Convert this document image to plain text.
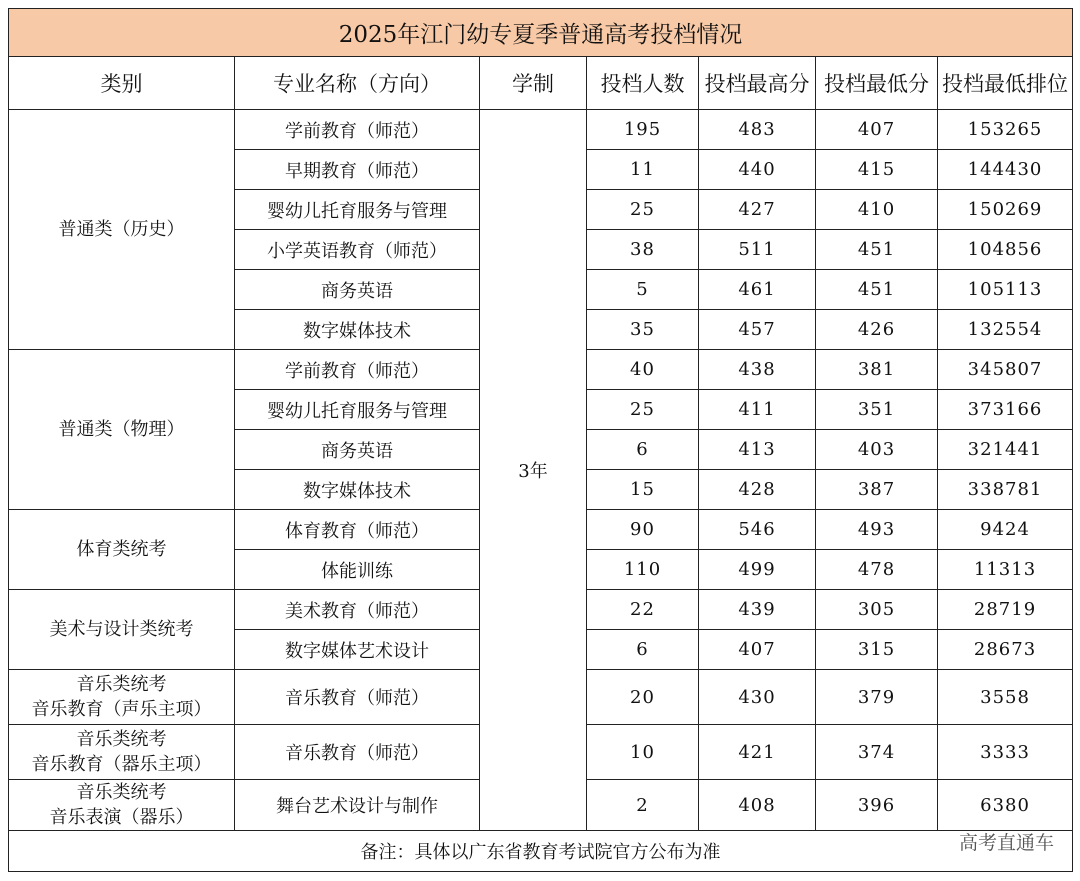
2025年江门幼专夏季普通高考投档情况						
类别	专业名称（方向）	学制	投档人数	投档最高分	投档最低分	投档最低排位

普通类（历史）	学前教育（师范）	3年	195	483	407	153265
	早期教育（师范）		11	440	415	144430
	婴幼儿托育服务与管理		25	427	410	150269
	小学英语教育（师范）		38	511	451	104856
	商务英语		5	461	451	105113
	数字媒体技术		35	457	426	132554

普通类（物理）	学前教育（师范）		40	438	381	345807
	婴幼儿托育服务与管理		25	411	351	373166
	商务英语		6	413	403	321441
	数字媒体技术		15	428	387	338781

体育类统考	体育教育（师范）		90	546	493	9424
	体能训练		110	499	478	11313

美术与设计类统考	美术教育（师范）		22	439	305	28719
	数字媒体艺术设计		6	407	315	28673

音乐类统考
音乐教育（声乐主项）	音乐教育（师范）		20	430	379	3558

音乐类统考
音乐教育（器乐主项）	音乐教育（师范）		10	421	374	3333

音乐类统考
音乐表演（器乐）	舞台艺术设计与制作		2	408	396	6380
备注：具体以广东省教育考试院官方公布为准							高考直通车
